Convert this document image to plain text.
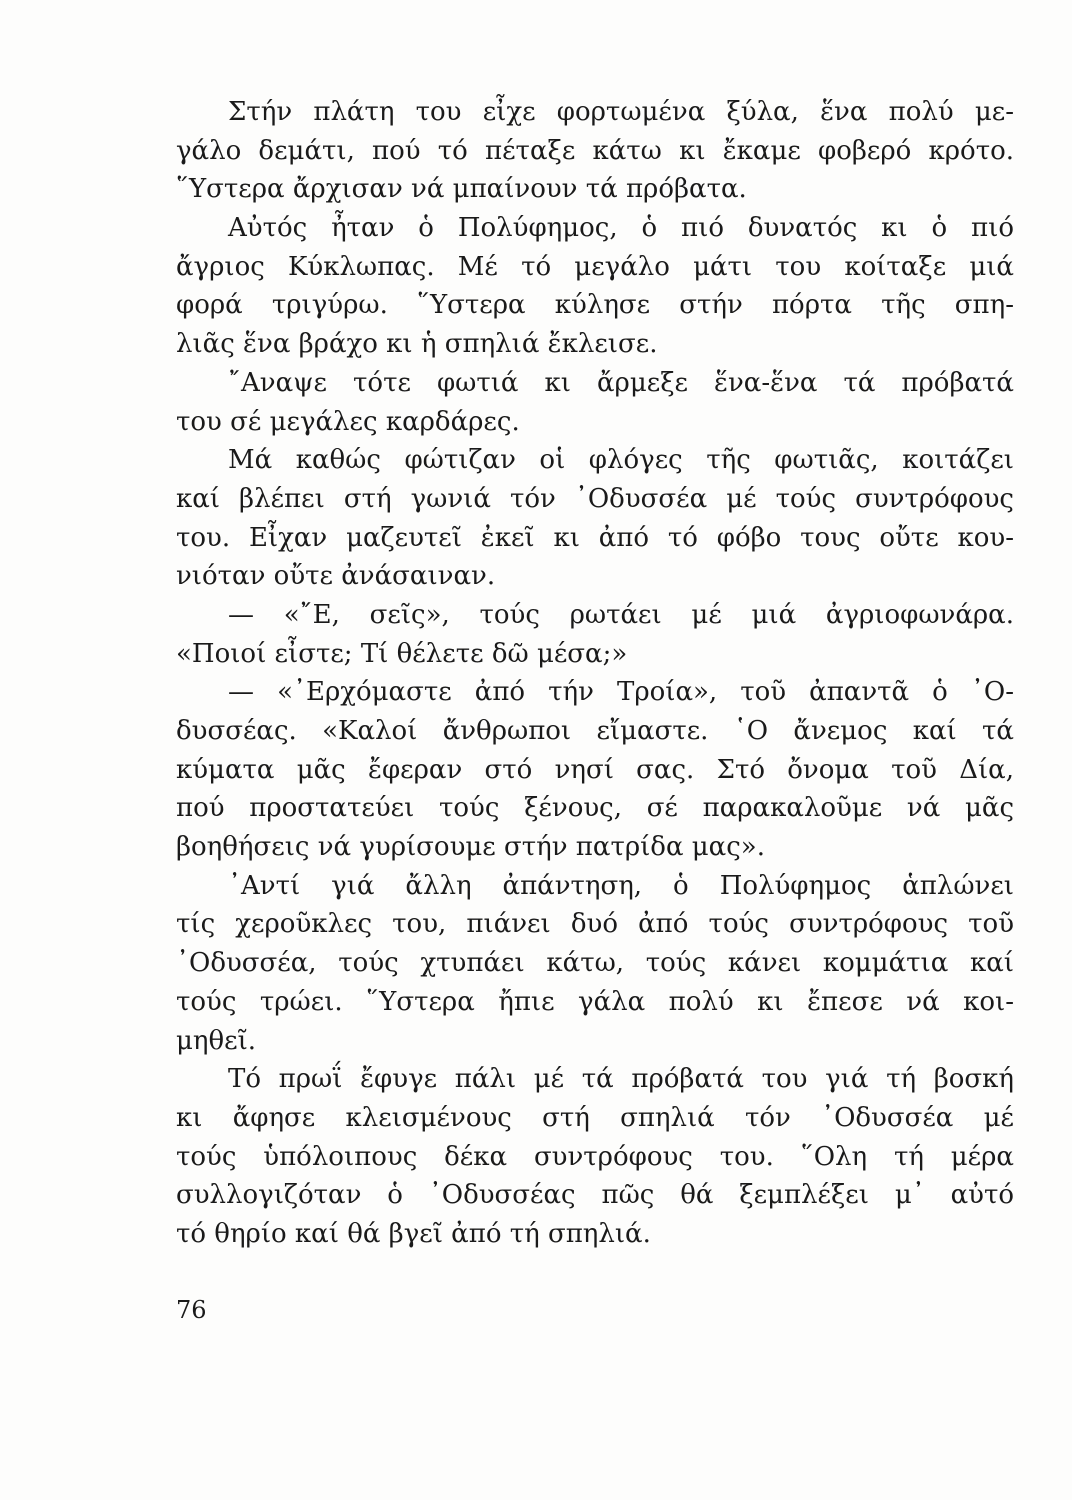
Στήν πλάτη του εἶχε φορτωμένα ξύλα, ἕνα πολύ με-
γάλο δεμάτι, πού τό πέταξε κάτω κι ἔκαμε φοβερό κρότο.
῞Υστερα ἄρχισαν νά μπαίνουν τά πρόβατα.
Αὐτός ἦταν ὁ Πολύφημος, ὁ πιό δυνατός κι ὁ πιό
ἄγριος Κύκλωπας. Μέ τό μεγάλο μάτι του κοίταξε μιά
φορά τριγύρω. ῞Υστερα κύλησε στήν πόρτα τῆς σπη-
λιᾶς ἕνα βράχο κι ἡ σπηλιά ἔκλεισε.
῎Αναψε τότε φωτιά κι ἄρμεξε ἕνα-ἕνα τά πρόβατά
του σέ μεγάλες καρδάρες.
Μά καθώς φώτιζαν οἱ φλόγες τῆς φωτιᾶς, κοιτάζει
καί βλέπει στή γωνιά τόν ᾿Οδυσσέα μέ τούς συντρόφους
του. Εἶχαν μαζευτεῖ ἐκεῖ κι ἀπό τό φόβο τους οὔτε κου-
νιόταν οὔτε ἀνάσαιναν.
— «῎Ε, σεῖς», τούς ρωτάει μέ μιά ἀγριοφωνάρα.
«Ποιοί εἶστε; Τί θέλετε δῶ μέσα;»
— «᾿Ερχόμαστε ἀπό τήν Τροία», τοῦ ἀπαντᾶ ὁ ᾿Ο-
δυσσέας. «Καλοί ἄνθρωποι εἴμαστε. ῾Ο ἄνεμος καί τά
κύματα μᾶς ἔφεραν στό νησί σας. Στό ὄνομα τοῦ Δία,
πού προστατεύει τούς ξένους, σέ παρακαλοῦμε νά μᾶς
βοηθήσεις νά γυρίσουμε στήν πατρίδα μας».
᾿Αντί γιά ἄλλη ἀπάντηση, ὁ Πολύφημος ἁπλώνει
τίς χεροῦκλες του, πιάνει δυό ἀπό τούς συντρόφους τοῦ
᾿Οδυσσέα, τούς χτυπάει κάτω, τούς κάνει κομμάτια καί
τούς τρώει. ῞Υστερα ἤπιε γάλα πολύ κι ἔπεσε νά κοι-
μηθεῖ.
Τό πρωΐ ἔφυγε πάλι μέ τά πρόβατά του γιά τή βοσκή
κι ἄφησε κλεισμένους στή σπηλιά τόν ᾿Οδυσσέα μέ
τούς ὑπόλοιπους δέκα συντρόφους του. ῞Ολη τή μέρα
συλλογιζόταν ὁ ᾿Οδυσσέας πῶς θά ξεμπλέξει μ᾿ αὐτό
τό θηρίο καί θά βγεῖ ἀπό τή σπηλιά.
76
